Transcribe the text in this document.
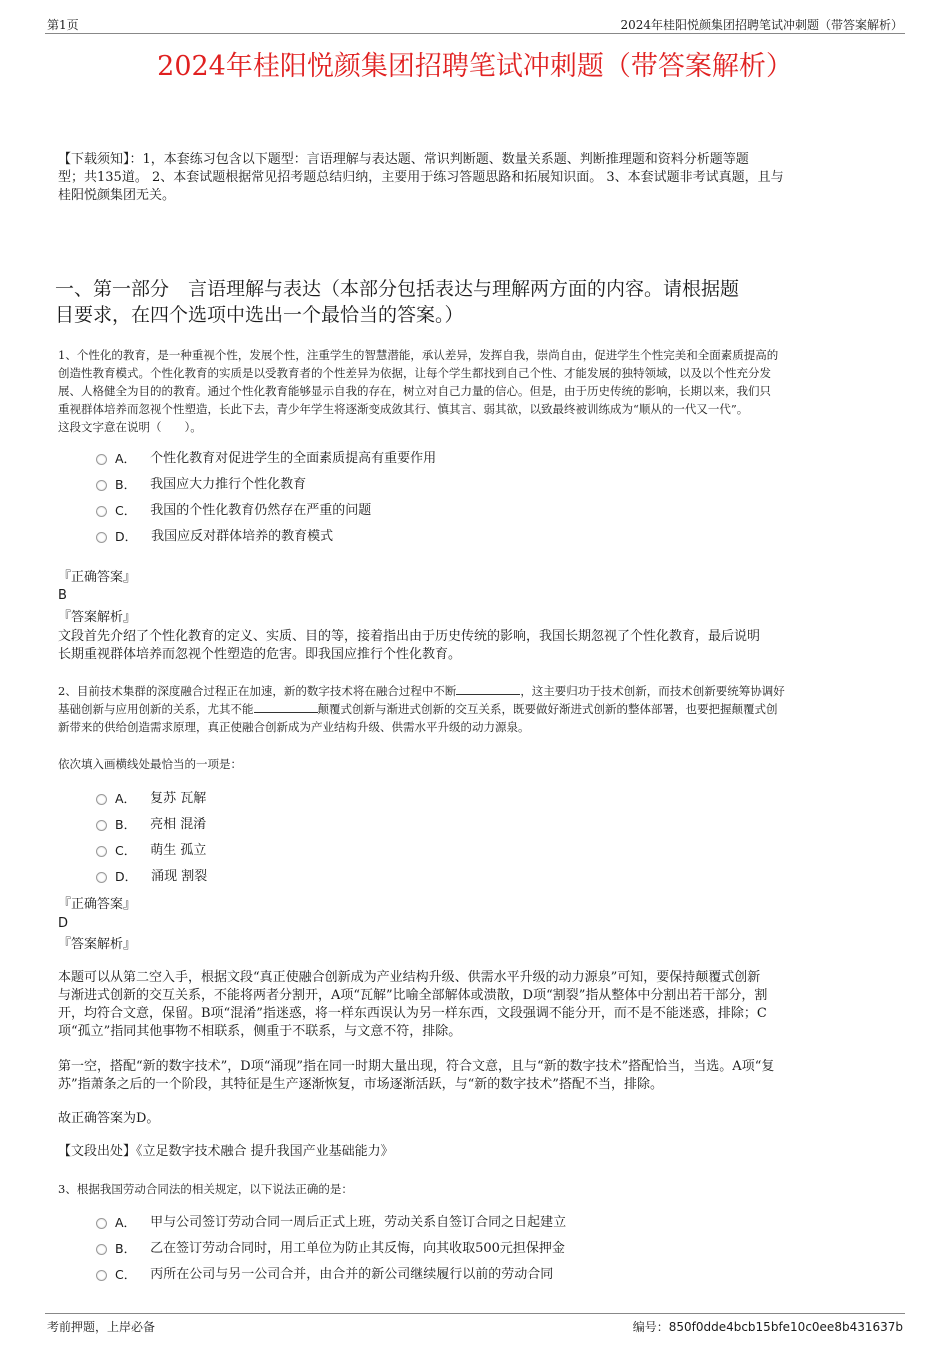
第1页	2024年桂阳悦颜集团招聘笔试冲刺题（带答案解析）
2024年桂阳悦颜集团招聘笔试冲刺题（带答案解析）
【下载须知】：1，本套练习包含以下题型：言语理解与表达题、常识判断题、数量关系题、判断推理题和资料分析题等题
型；共135道。 2、本套试题根据常见招考题总结归纳，主要用于练习答题思路和拓展知识面。 3、本套试题非考试真题，且与
桂阳悦颜集团无关。
一、第一部分　言语理解与表达（本部分包括表达与理解两方面的内容。请根据题
目要求，在四个选项中选出一个最恰当的答案。）
1、个性化的教育，是一种重视个性，发展个性，注重学生的智慧潜能，承认差异，发挥自我，崇尚自由，促进学生个性完美和全面素质提高的
创造性教育模式。个性化教育的实质是以受教育者的个性差异为依据，让每个学生都找到自己个性、才能发展的独特领域，以及以个性充分发
展、人格健全为目的的教育。通过个性化教育能够显示自我的存在，树立对自己力量的信心。但是，由于历史传统的影响，长期以来，我们只
重视群体培养而忽视个性塑造，长此下去，青少年学生将逐渐变成敛其行、慎其言、弱其欲，以致最终被训练成为“顺从的一代又一代”。
这段文字意在说明（　　）。
A． 个性化教育对促进学生的全面素质提高有重要作用
B． 我国应大力推行个性化教育
C． 我国的个性化教育仍然存在严重的问题
D． 我国应反对群体培养的教育模式
『正确答案』
B
『答案解析』
文段首先介绍了个性化教育的定义、实质、目的等，接着指出由于历史传统的影响，我国长期忽视了个性化教育，最后说明
长期重视群体培养而忽视个性塑造的危害。即我国应推行个性化教育。
2、目前技术集群的深度融合过程正在加速，新的数字技术将在融合过程中不断	，这主要归功于技术创新，而技术创新要统筹协调好
基础创新与应用创新的关系，尤其不能	颠覆式创新与渐进式创新的交互关系，既要做好渐进式创新的整体部署，也要把握颠覆式创
新带来的供给创造需求原理，真正使融合创新成为产业结构升级、供需水平升级的动力源泉。
依次填入画横线处最恰当的一项是：
A． 复苏 瓦解
B． 亮相 混淆
C． 萌生 孤立
D． 涌现 割裂
『正确答案』
D
『答案解析』
本题可以从第二空入手，根据文段“真正使融合创新成为产业结构升级、供需水平升级的动力源泉”可知，要保持颠覆式创新
与渐进式创新的交互关系，不能将两者分割开，A项“瓦解”比喻全部解体或溃散，D项“割裂”指从整体中分割出若干部分，割
开，均符合文意，保留。B项“混淆”指迷惑，将一样东西误认为另一样东西，文段强调不能分开，而不是不能迷惑，排除；C
项“孤立”指同其他事物不相联系，侧重于不联系，与文意不符，排除。
第一空，搭配“新的数字技术”，D项“涌现”指在同一时期大量出现，符合文意，且与“新的数字技术”搭配恰当，当选。A项“复
苏”指萧条之后的一个阶段，其特征是生产逐渐恢复，市场逐渐活跃，与“新的数字技术”搭配不当，排除。
故正确答案为D。
【文段出处】《立足数字技术融合 提升我国产业基础能力》
3、根据我国劳动合同法的相关规定，以下说法正确的是：
A． 甲与公司签订劳动合同一周后正式上班，劳动关系自签订合同之日起建立
B． 乙在签订劳动合同时，用工单位为防止其反悔，向其收取500元担保押金
C． 丙所在公司与另一公司合并，由合并的新公司继续履行以前的劳动合同
考前押题，上岸必备	编号：850f0dde4bcb15bfe10c0ee8b431637b
